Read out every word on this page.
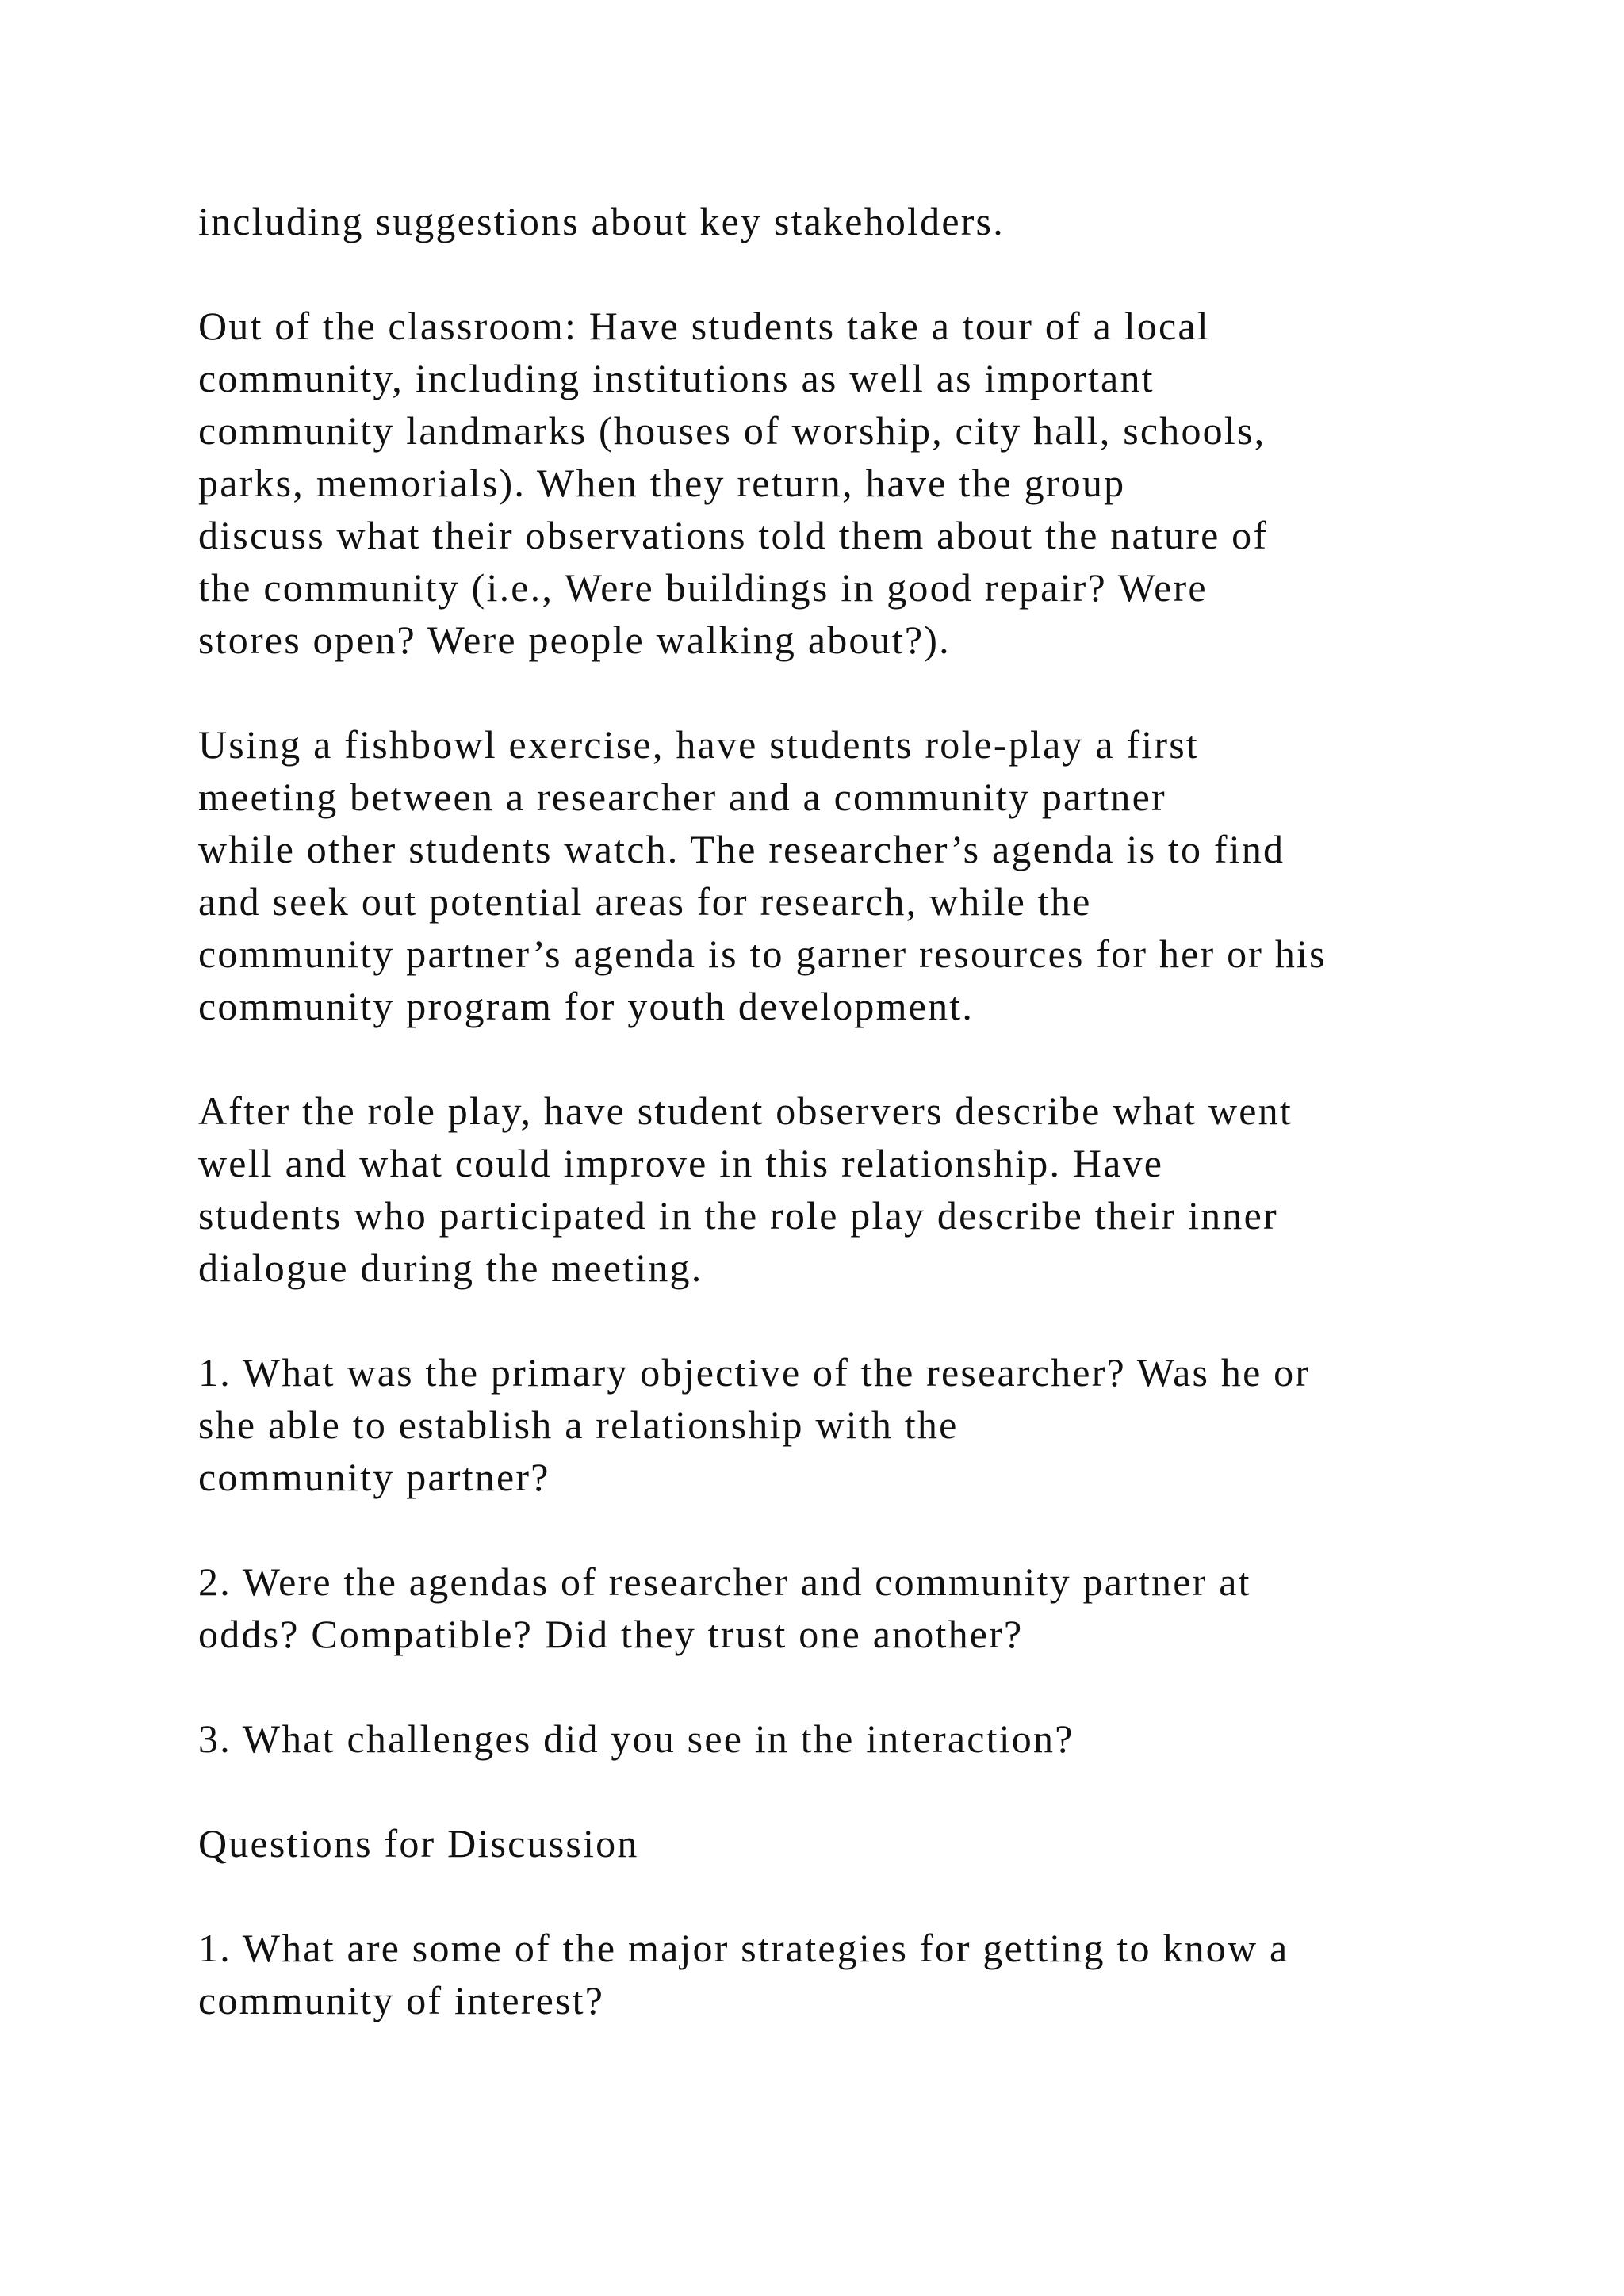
including suggestions about key stakeholders.
Out of the classroom: Have students take a tour of a local
community, including institutions as well as important
community landmarks (houses of worship, city hall, schools,
parks, memorials). When they return, have the group
discuss what their observations told them about the nature of
the community (i.e., Were buildings in good repair? Were
stores open? Were people walking about?).
Using a fishbowl exercise, have students role-play a first
meeting between a researcher and a community partner
while other students watch. The researcher’s agenda is to find
and seek out potential areas for research, while the
community partner’s agenda is to garner resources for her or his
community program for youth development.
After the role play, have student observers describe what went
well and what could improve in this relationship. Have
students who participated in the role play describe their inner
dialogue during the meeting.
1. What was the primary objective of the researcher? Was he or
she able to establish a relationship with the
community partner?
2. Were the agendas of researcher and community partner at
odds? Compatible? Did they trust one another?
3. What challenges did you see in the interaction?
Questions for Discussion
1. What are some of the major strategies for getting to know a
community of interest?
